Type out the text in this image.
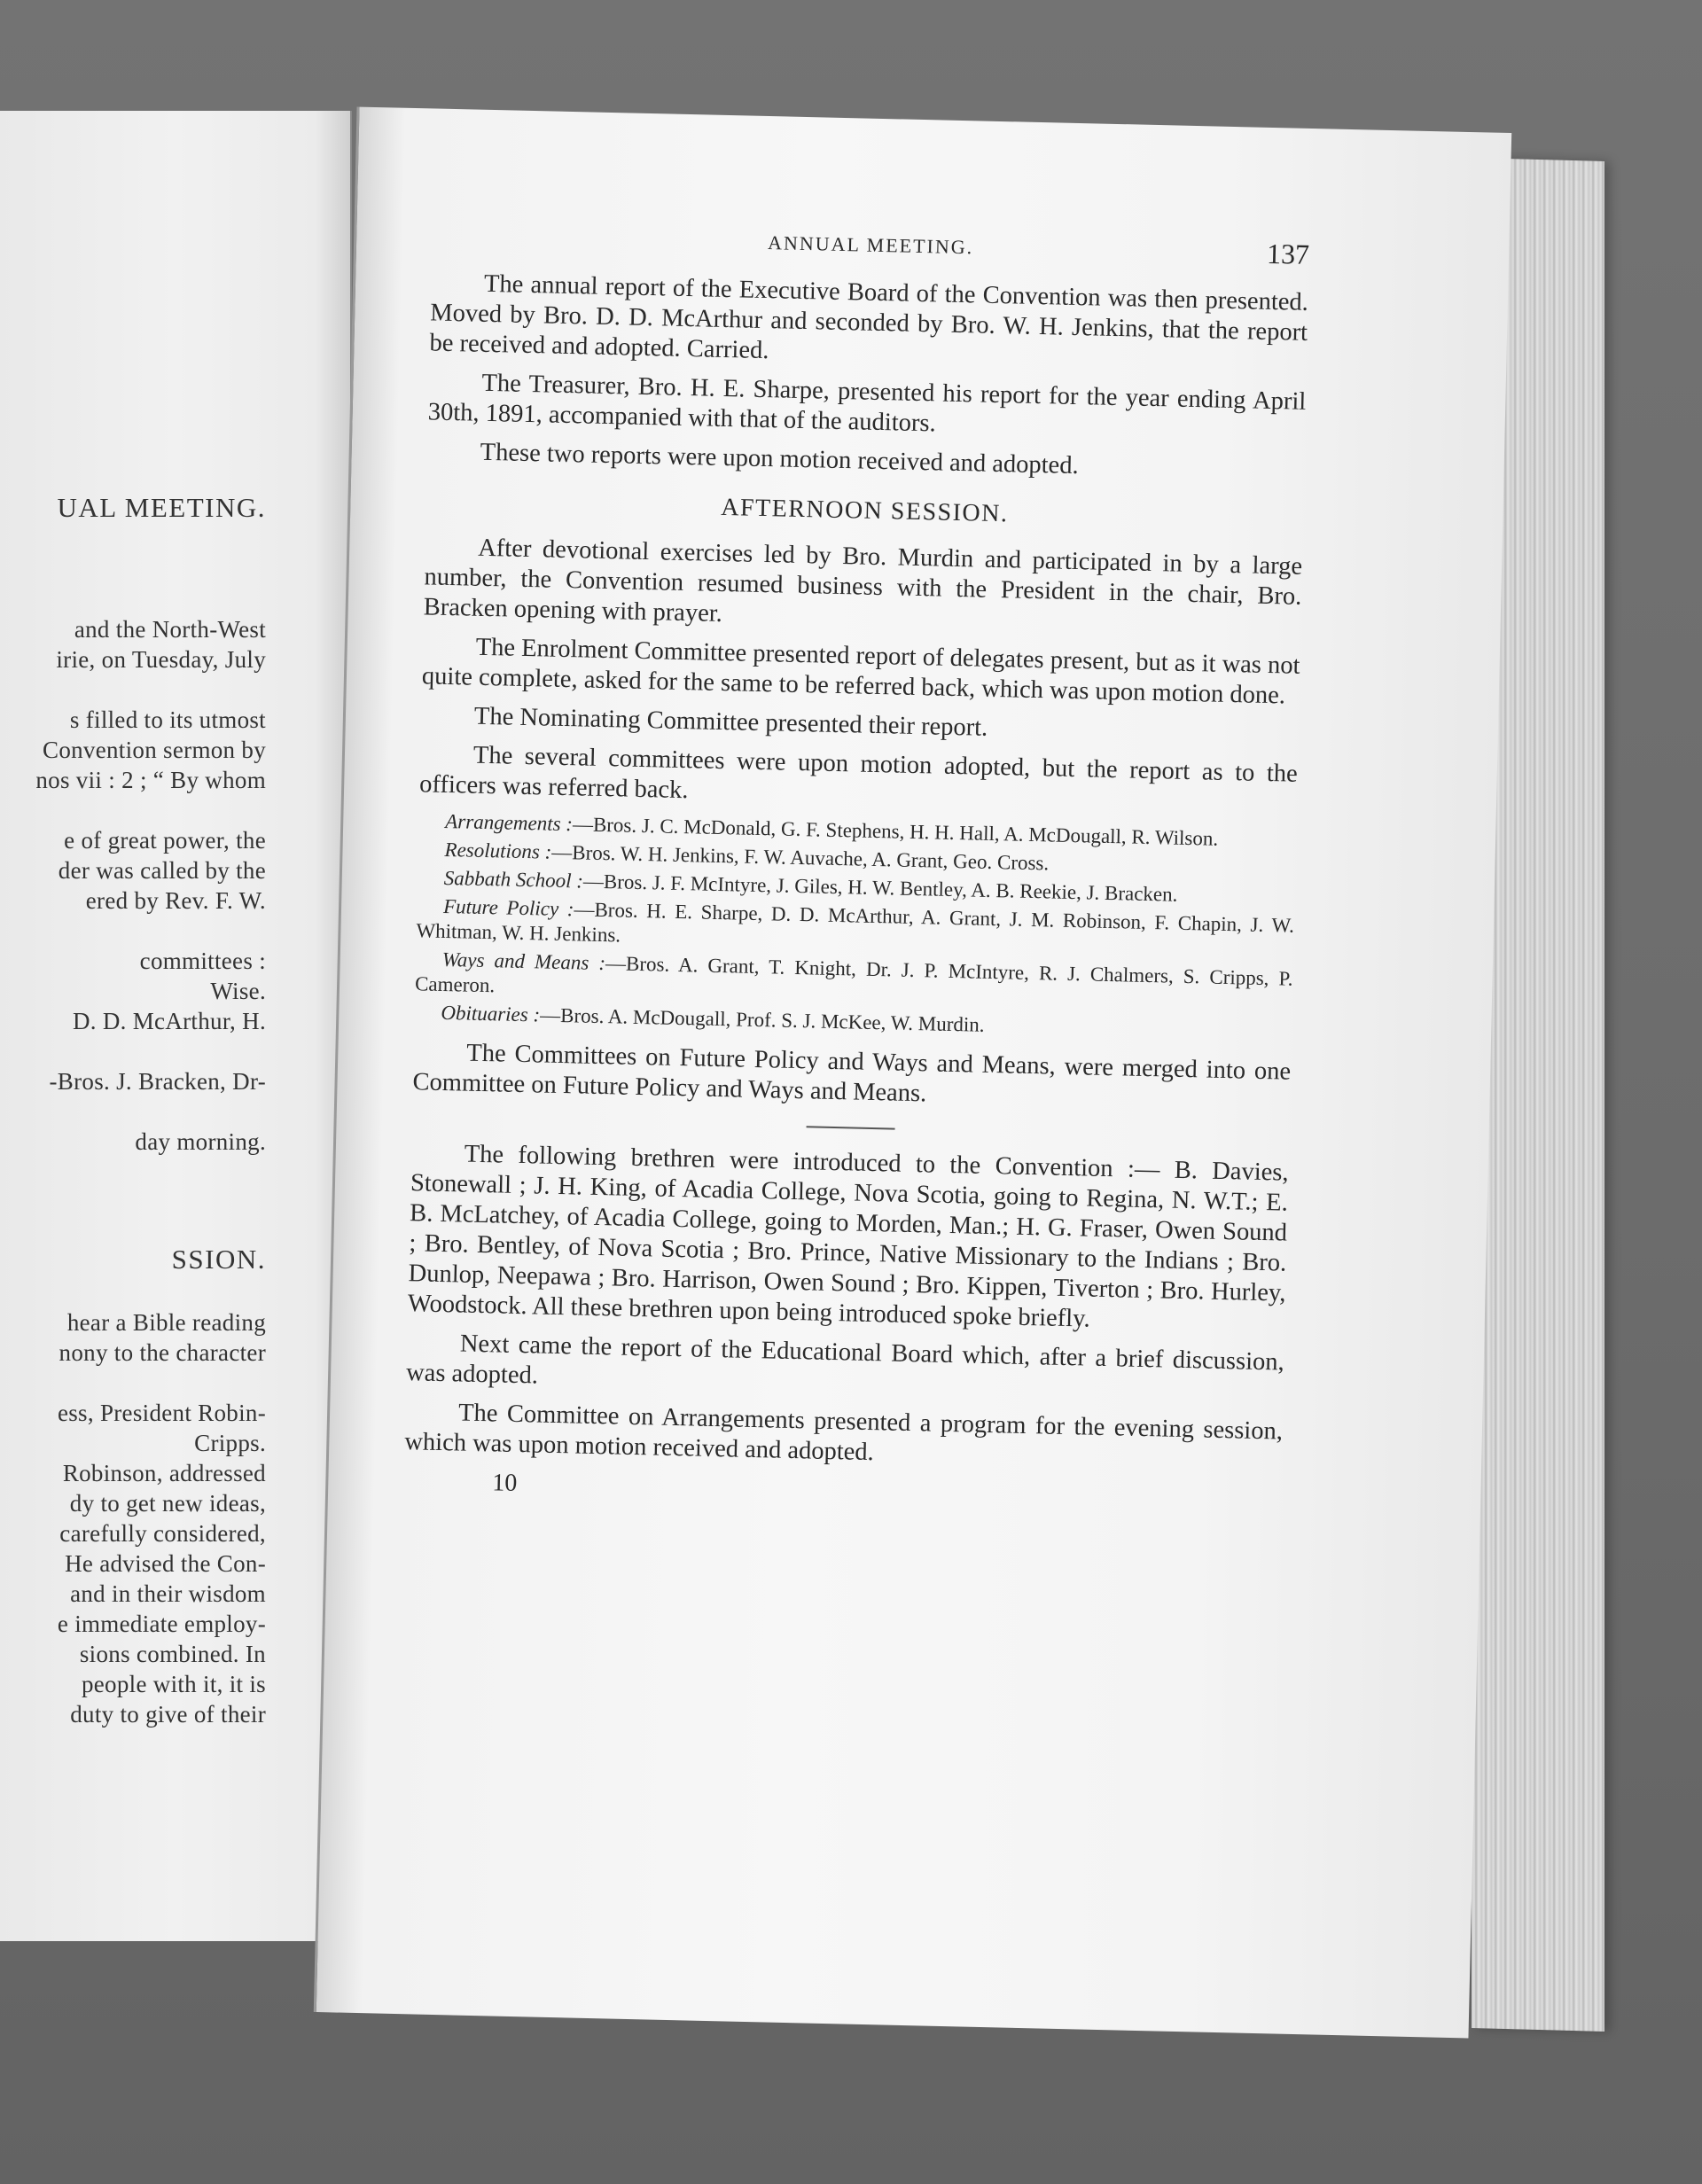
UAL MEETING.
and the North-West
irie, on Tuesday, July
s filled to its utmost
Convention sermon by
nos vii : 2 ; “ By whom
e of great power, the
der was called by the
ered by Rev. F. W.
committees :
Wise.
D. D. McArthur, H.
-Bros. J. Bracken, Dr-
day morning.
SSION.
hear a Bible reading
nony to the character
ess, President Robin-
Cripps.
Robinson, addressed
dy to get new ideas,
carefully considered,
He advised the Con-
and in their wisdom
e immediate employ-
sions combined. In
people with it, it is
duty to give of their
ANNUAL MEETING.	137

The annual report of the Executive Board of the Convention was then presented. Moved by Bro. D. D. McArthur and seconded by Bro. W. H. Jenkins, that the report be received and adopted. Carried.

The Treasurer, Bro. H. E. Sharpe, presented his report for the year ending April 30th, 1891, accompanied with that of the auditors.

These two reports were upon motion received and adopted.

AFTERNOON SESSION.

After devotional exercises led by Bro. Murdin and participated in by a large number, the Convention resumed business with the President in the chair, Bro. Bracken opening with prayer.

The Enrolment Committee presented report of delegates present, but as it was not quite complete, asked for the same to be referred back, which was upon motion done.

The Nominating Committee presented their report.

The several committees were upon motion adopted, but the report as to the officers was referred back.

Arrangements :—Bros. J. C. McDonald, G. F. Stephens, H. H. Hall, A. McDougall, R. Wilson.
Resolutions :—Bros. W. H. Jenkins, F. W. Auvache, A. Grant, Geo. Cross.
Sabbath School :—Bros. J. F. McIntyre, J. Giles, H. W. Bentley, A. B. Reekie, J. Bracken.
Future Policy :—Bros. H. E. Sharpe, D. D. McArthur, A. Grant, J. M. Robinson, F. Chapin, J. W. Whitman, W. H. Jenkins.
Ways and Means :—Bros. A. Grant, T. Knight, Dr. J. P. McIntyre, R. J. Chalmers, S. Cripps, P. Cameron.
Obituaries :—Bros. A. McDougall, Prof. S. J. McKee, W. Murdin.

The Committees on Future Policy and Ways and Means, were merged into one Committee on Future Policy and Ways and Means.

The following brethren were introduced to the Convention :— B. Davies, Stonewall ; J. H. King, of Acadia College, Nova Scotia, going to Regina, N. W.T.; E. B. McLatchey, of Acadia College, going to Morden, Man.; H. G. Fraser, Owen Sound ; Bro. Bentley, of Nova Scotia ; Bro. Prince, Native Missionary to the Indians ; Bro. Dunlop, Neepawa ; Bro. Harrison, Owen Sound ; Bro. Kippen, Tiverton ; Bro. Hurley, Woodstock. All these brethren upon being introduced spoke briefly.

Next came the report of the Educational Board which, after a brief discussion, was adopted.

The Committee on Arrangements presented a program for the evening session, which was upon motion received and adopted.

10
